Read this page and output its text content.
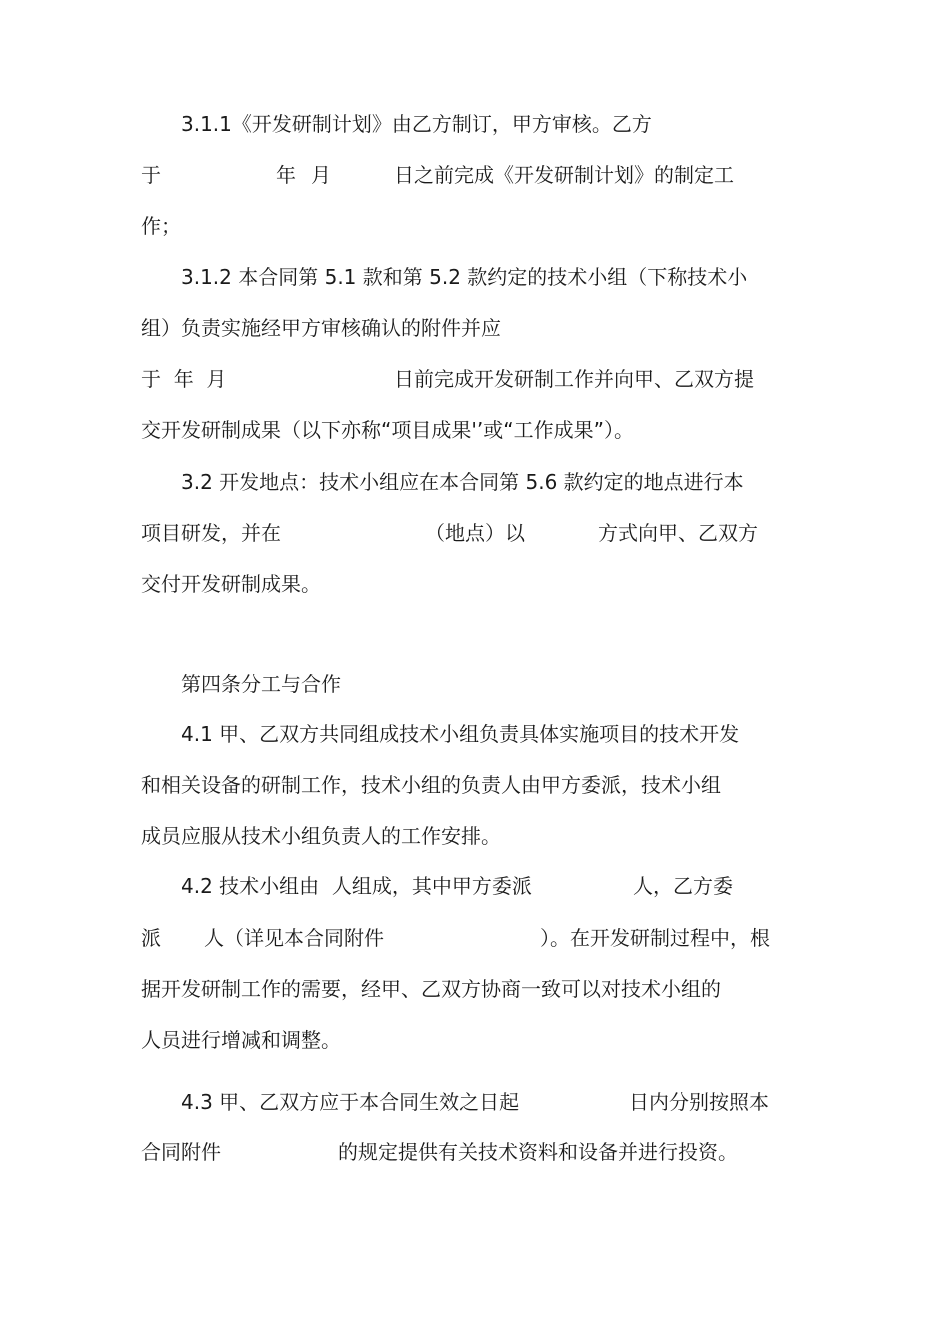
3.1.1《开发研制计划》由乙方制订，甲方审核。乙方
于	年 月	日之前完成《开发研制计划》的制定工
作；
3.1.2 本合同第 5.1 款和第 5.2 款约定的技术小组（下称技术小
组）负责实施经甲方审核确认的附件并应
于  年  月	日前完成开发研制工作并向甲、乙双方提
交开发研制成果（以下亦称“项目成果'’或“工作成果”）。
3.2 开发地点：技术小组应在本合同第 5.6 款约定的地点进行本
项目研发，并在	（地点）以	方式向甲、乙双方
交付开发研制成果。
第四条分工与合作
4.1 甲、乙双方共同组成技术小组负责具体实施项目的技术开发
和相关设备的研制工作，技术小组的负责人由甲方委派，技术小组
成员应服从技术小组负责人的工作安排。
4.2 技术小组由  人组成，其中甲方委派	人，乙方委
派 人（详见本合同附件	）。在开发研制过程中，根
据开发研制工作的需要，经甲、乙双方协商一致可以对技术小组的
人员进行增减和调整。
4.3 甲、乙双方应于本合同生效之日起	日内分别按照本
合同附件	的规定提供有关技术资料和设备并进行投资。
